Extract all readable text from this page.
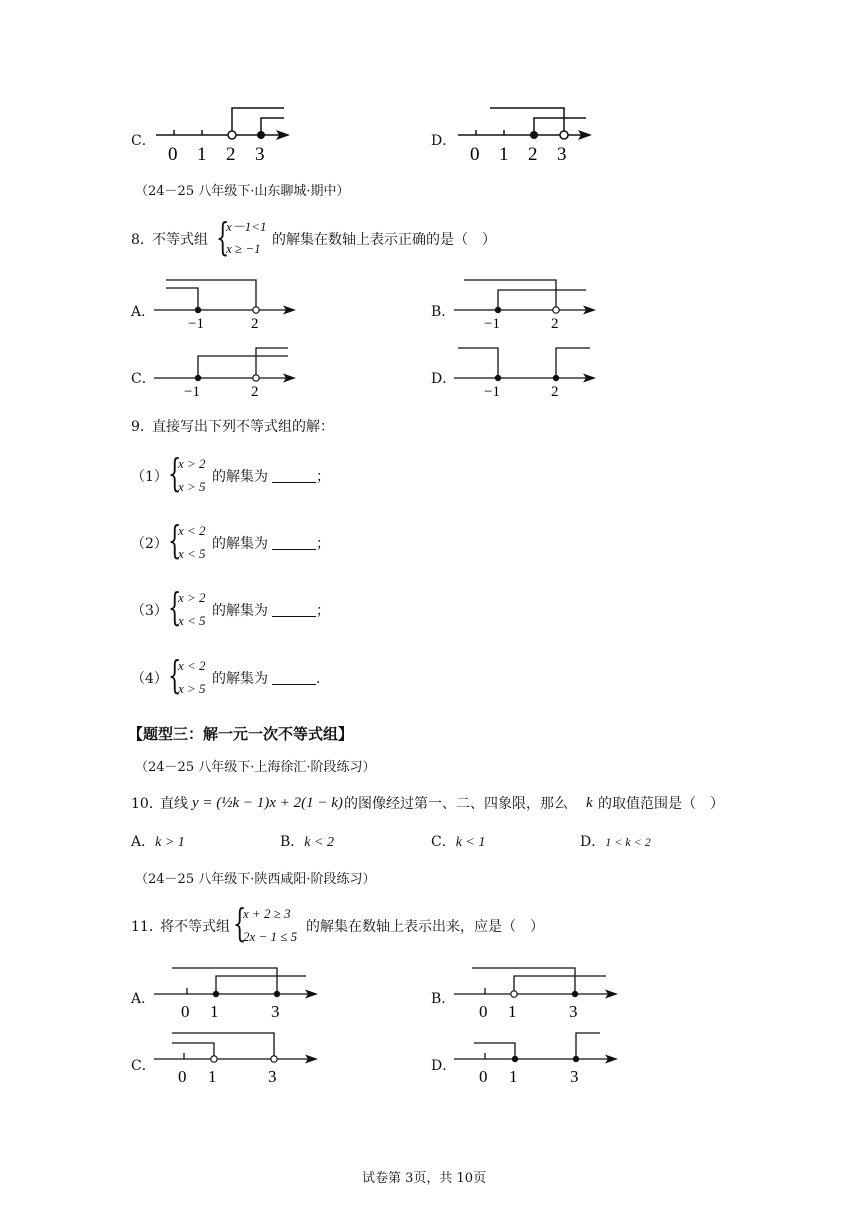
C．
0 1 2 3
D．
0 1 2 3
（24－25 八年级下·山东聊城·期中）
8．
不等式组 {
x－1<1
x ≥ −1
的解集在数轴上表示正确的是（　）
A．
−1	2
B．
−1	2
C．
−1	2
D．
−1	2
9．
直接写出下列不等式组的解：
（1） {
x > 2
x > 5
的解集为	；
（2） {
x < 2
x < 5
的解集为	；
（3） {
x > 2
x < 5
的解集为	；
（4） {
x < 2
x > 5
的解集为	．
【题型三：解一元一次不等式组】
（24－25 八年级下·上海徐汇·阶段练习）
10．
直线 y = (½k − 1)x + 2(1 − k) 的图像经过第一、二、四象限，那么 k 的取值范围是（　）
A．k > 1	B．k < 2	C．k < 1	D．1 < k < 2
（24－25 八年级下·陕西咸阳·阶段练习）
11．
将不等式组 {
x + 2 ≥ 3
2x − 1 ≤ 5
的解集在数轴上表示出来，应是（　）
A．
0 1	3
B．
0 1	3
C．
0 1	3
D．
0 1	3
试卷第 3页，共 10页
